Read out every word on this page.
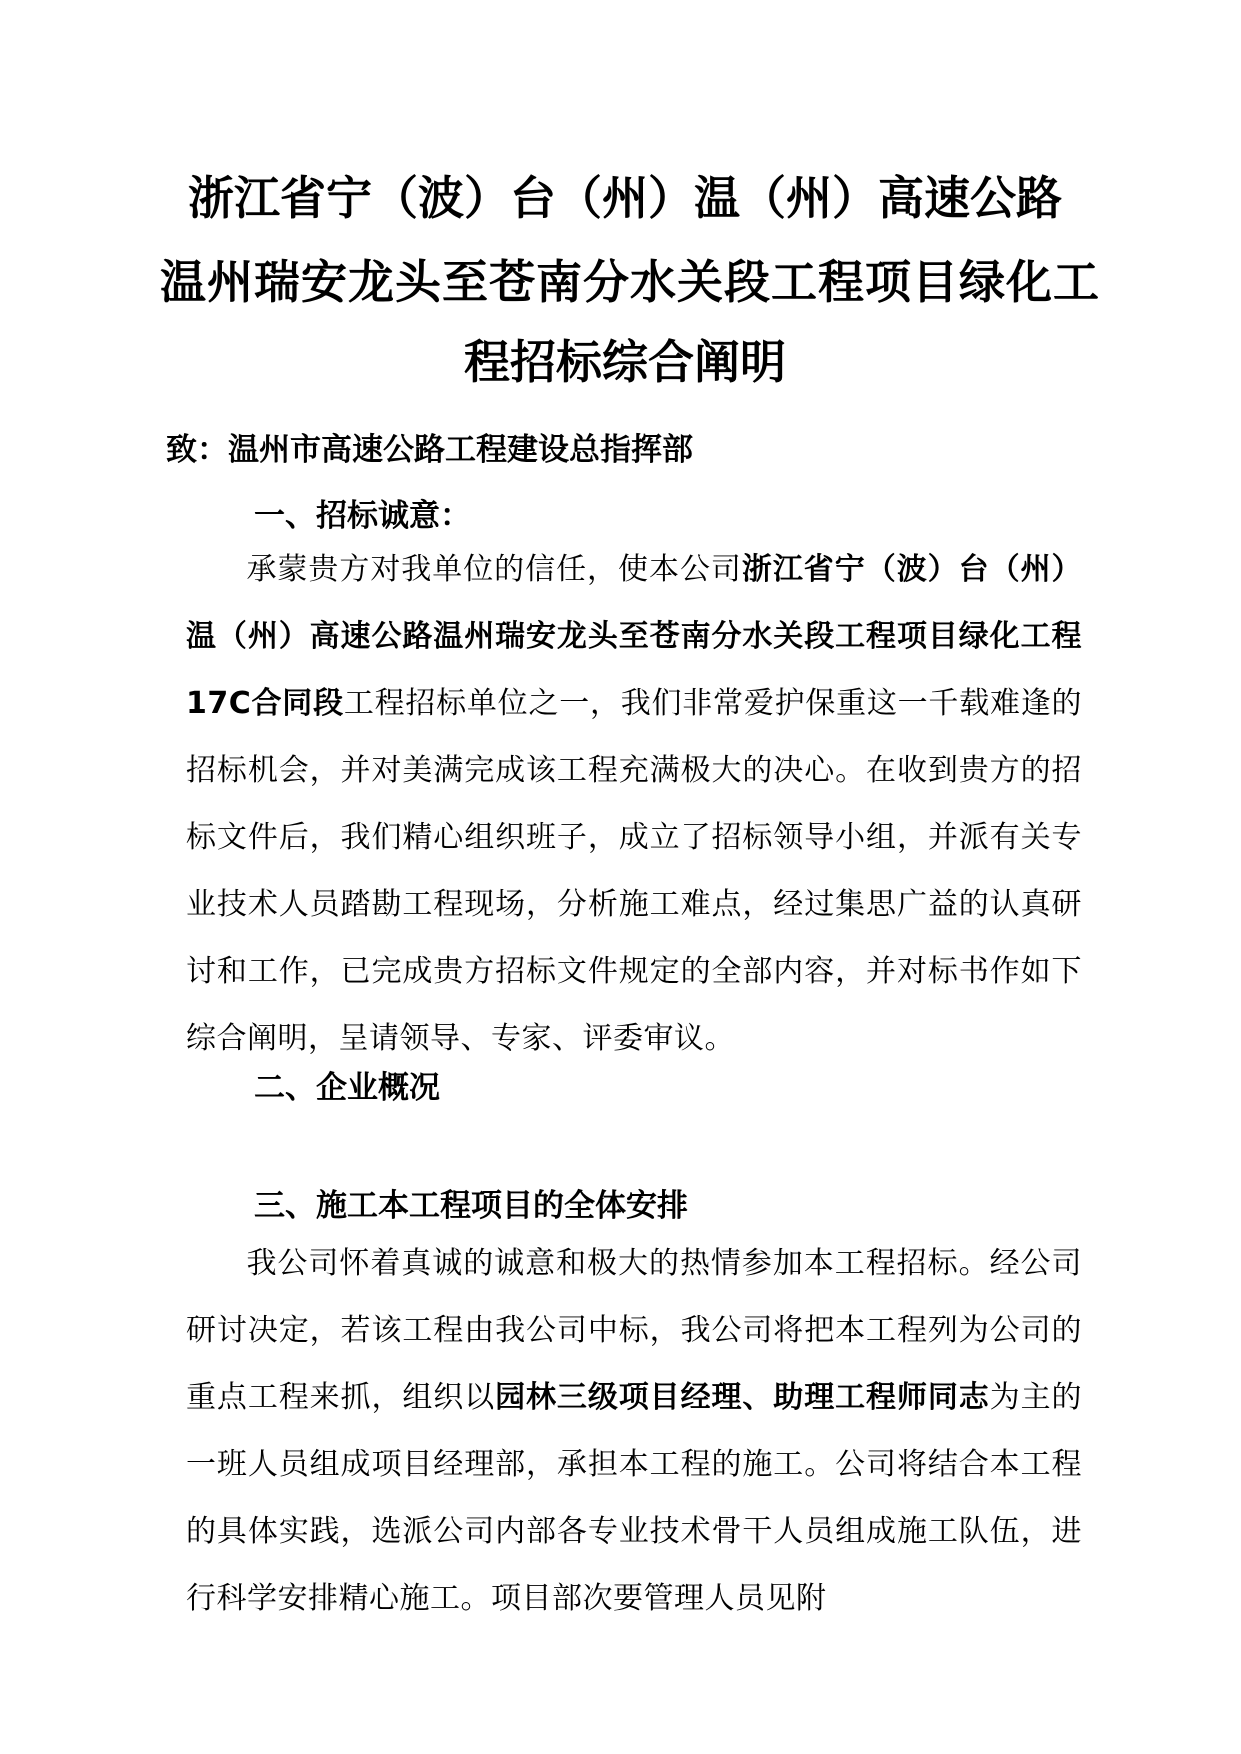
浙江省宁（波）台（州）温（州）高速公路
温州瑞安龙头至苍南分水关段工程项目绿化工
程招标综合阐明
致：温州市高速公路工程建设总指挥部
一、招标诚意：

承蒙贵方对我单位的信任，使本公司浙江省宁（波）台（州）温（州）高速公路温州瑞安龙头至苍南分水关段工程项目绿化工程17C合同段工程招标单位之一，我们非常爱护保重这一千载难逢的招标机会，并对美满完成该工程充满极大的决心。在收到贵方的招标文件后，我们精心组织班子，成立了招标领导小组，并派有关专业技术人员踏勘工程现场，分析施工难点，经过集思广益的认真研讨和工作，已完成贵方招标文件规定的全部内容，并对标书作如下综合阐明，呈请领导、专家、评委审议。

二、企业概况
三、施工本工程项目的全体安排

我公司怀着真诚的诚意和极大的热情参加本工程招标。经公司研讨决定，若该工程由我公司中标，我公司将把本工程列为公司的重点工程来抓，组织以园林三级项目经理、助理工程师同志为主的一班人员组成项目经理部，承担本工程的施工。公司将结合本工程的具体实践，选派公司内部各专业技术骨干人员组成施工队伍，进行科学安排精心施工。项目部次要管理人员见附
